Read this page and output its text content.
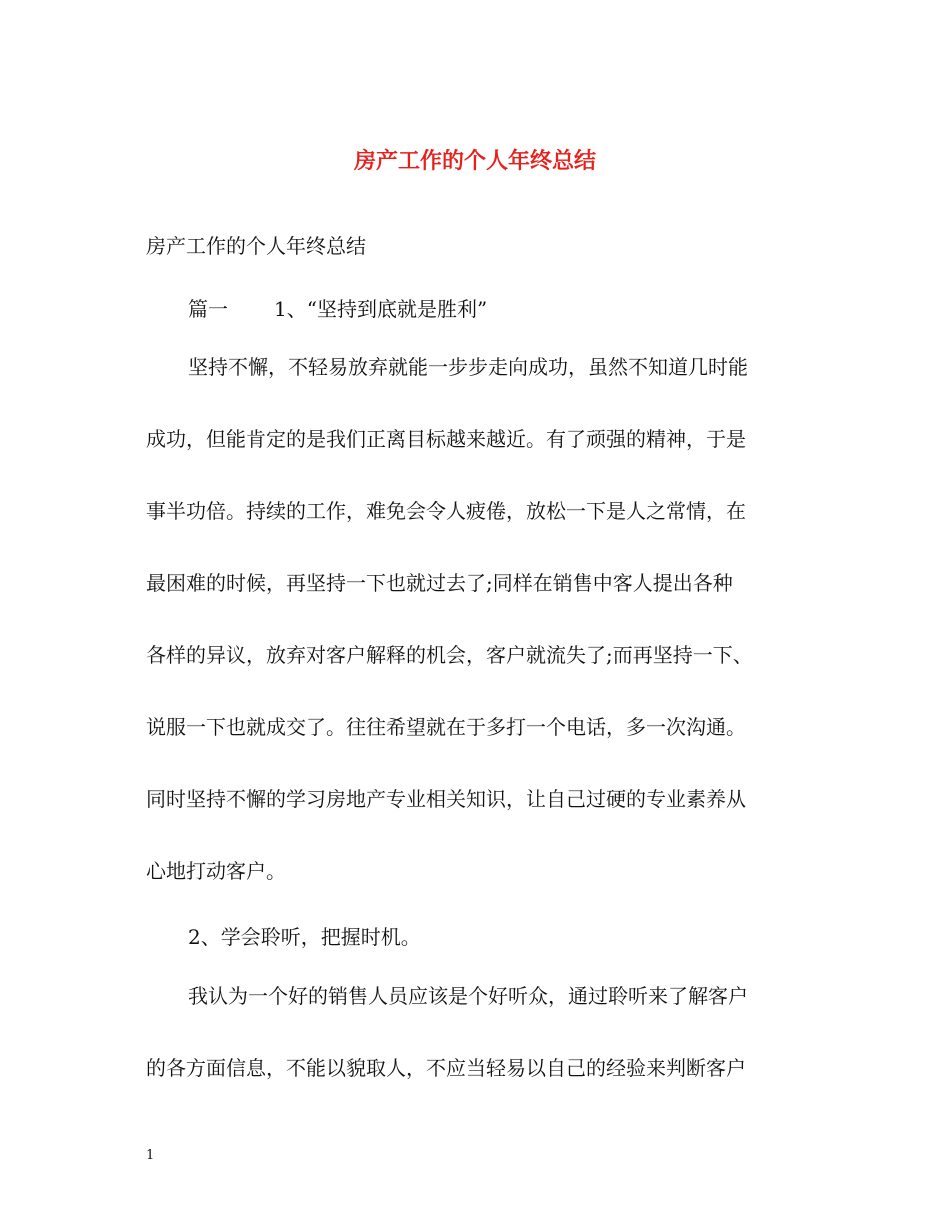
房产工作的个人年终总结

房产工作的个人年终总结

篇一 1、“坚持到底就是胜利”

坚持不懈，不轻易放弃就能一步步走向成功，虽然不知道几时能

成功，但能肯定的是我们正离目标越来越近。有了顽强的精神，于是

事半功倍。持续的工作，难免会令人疲倦，放松一下是人之常情，在

最困难的时候，再坚持一下也就过去了;同样在销售中客人提出各种

各样的异议，放弃对客户解释的机会，客户就流失了;而再坚持一下、

说服一下也就成交了。往往希望就在于多打一个电话，多一次沟通。

同时坚持不懈的学习房地产专业相关知识，让自己过硬的专业素养从

心地打动客户。

2、学会聆听，把握时机。

我认为一个好的销售人员应该是个好听众，通过聆听来了解客户

的各方面信息，不能以貌取人，不应当轻易以自己的经验来判断客户

1
